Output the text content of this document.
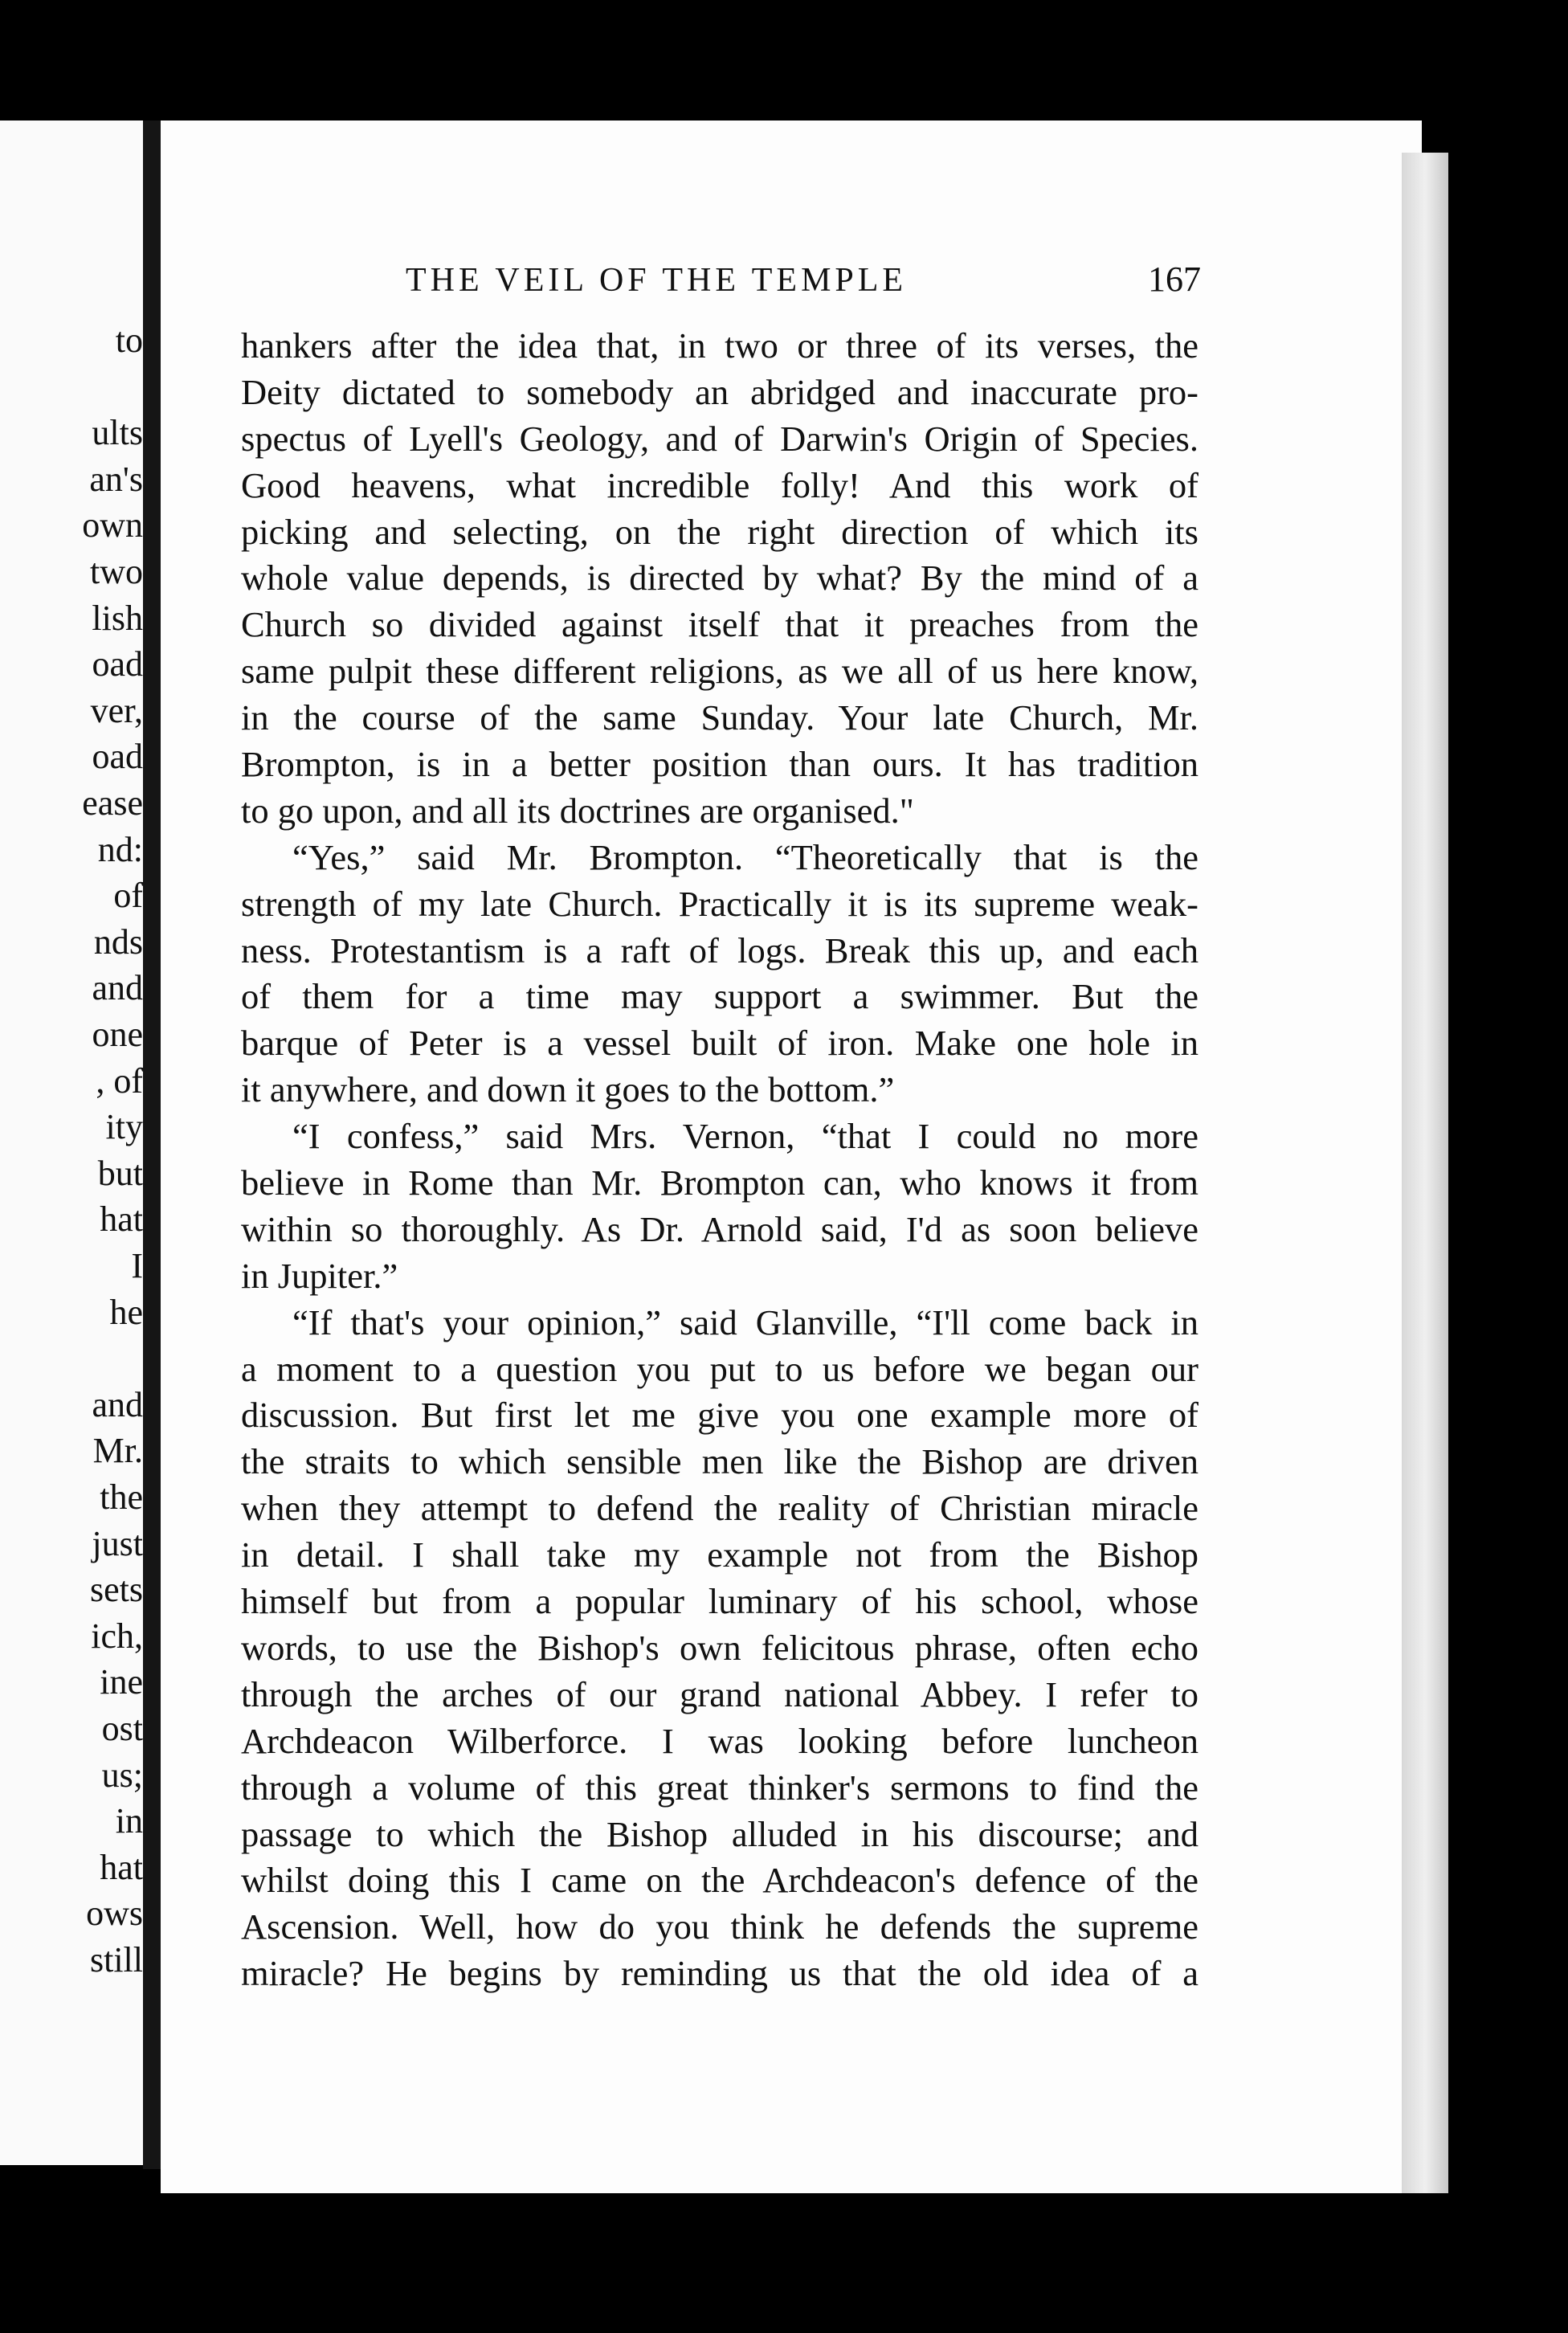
to
ults
an's
own
two
lish
oad
ver,
oad
ease
nd:
of
nds
and
one
, of
ity
but
hat
I
he
and
Mr.
the
just
sets
ich,
ine
ost
us;
in
hat
ows
still
THE VEIL OF THE TEMPLE	167
hankers after the idea that, in two or three of its verses, the
Deity dictated to somebody an abridged and inaccurate pro-
spectus of Lyell's Geology, and of Darwin's Origin of Species.
Good heavens, what incredible folly! And this work of
picking and selecting, on the right direction of which its
whole value depends, is directed by what? By the mind of a
Church so divided against itself that it preaches from the
same pulpit these different religions, as we all of us here know,
in the course of the same Sunday. Your late Church, Mr.
Brompton, is in a better position than ours. It has tradition
to go upon, and all its doctrines are organised."
“Yes,” said Mr. Brompton. “Theoretically that is the
strength of my late Church. Practically it is its supreme weak-
ness. Protestantism is a raft of logs. Break this up, and each
of them for a time may support a swimmer. But the
barque of Peter is a vessel built of iron. Make one hole in
it anywhere, and down it goes to the bottom.”
“I confess,” said Mrs. Vernon, “that I could no more
believe in Rome than Mr. Brompton can, who knows it from
within so thoroughly. As Dr. Arnold said, I'd as soon believe
in Jupiter.”
“If that's your opinion,” said Glanville, “I'll come back in
a moment to a question you put to us before we began our
discussion. But first let me give you one example more of
the straits to which sensible men like the Bishop are driven
when they attempt to defend the reality of Christian miracle
in detail. I shall take my example not from the Bishop
himself but from a popular luminary of his school, whose
words, to use the Bishop's own felicitous phrase, often echo
through the arches of our grand national Abbey. I refer to
Archdeacon Wilberforce. I was looking before luncheon
through a volume of this great thinker's sermons to find the
passage to which the Bishop alluded in his discourse; and
whilst doing this I came on the Archdeacon's defence of the
Ascension. Well, how do you think he defends the supreme
miracle? He begins by reminding us that the old idea of a
